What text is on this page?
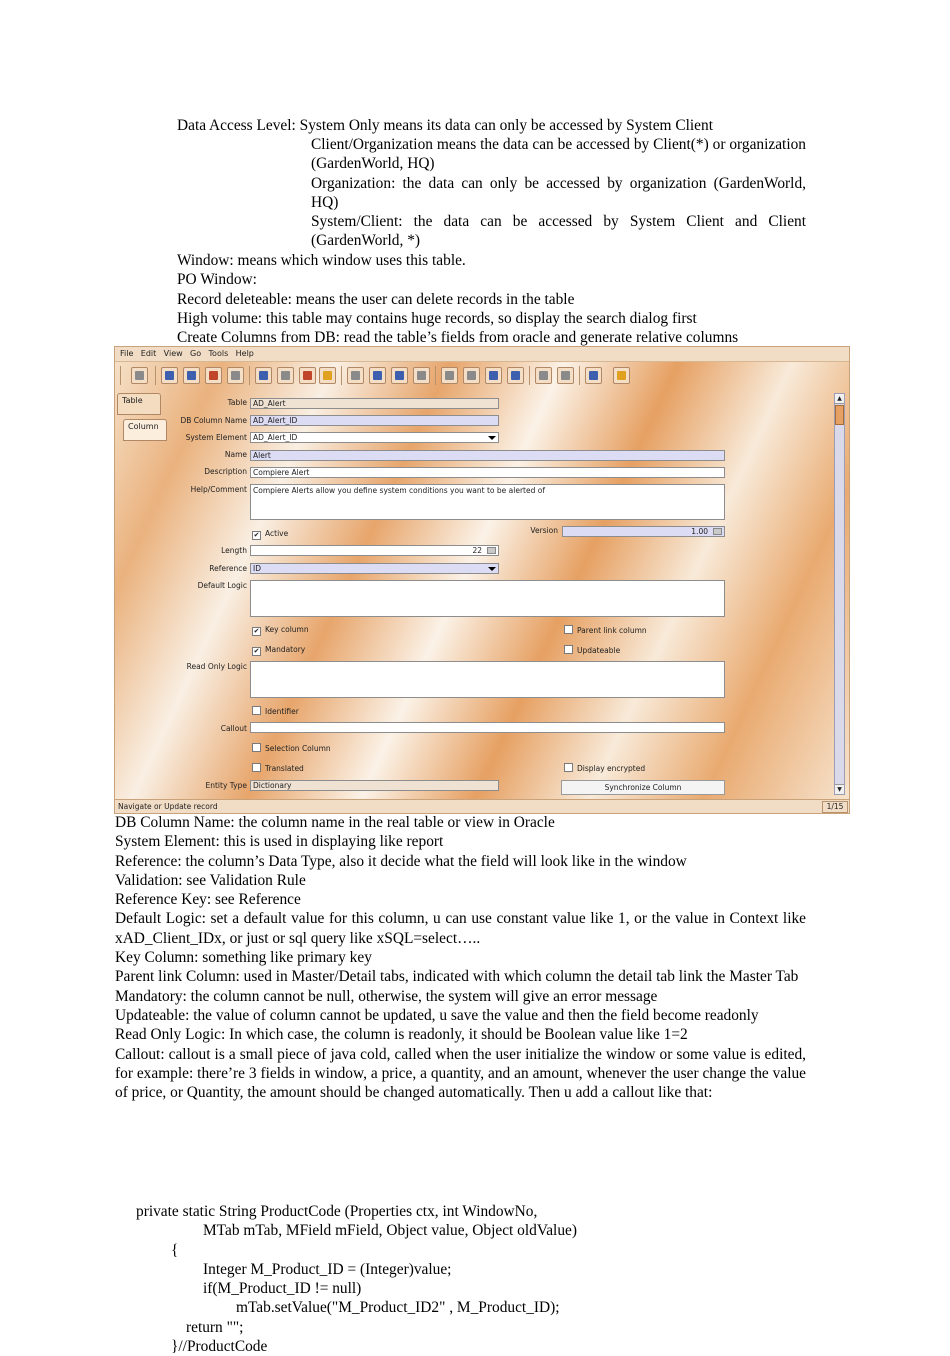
Data Access Level: System Only means its data can only be accessed by System Client
Client/Organization means the data can be accessed by Client(*) or organization (GardenWorld, HQ)
Organization: the data can only be accessed by organization (GardenWorld, HQ)
System/Client: the data can be accessed by System Client and Client (GardenWorld, *)
Window: means which window uses this table.
PO Window:
Record deleteable: means the user can delete records in the table
High volume: this table may contains huge records, so display the search dialog first
Create Columns from DB: read the table’s fields from oracle and generate relative columns
File Edit View Go Tools Help
Table
Column
Table AD_Alert
DB Column Name AD_Alert_ID
System Element AD_Alert_ID
Name Alert
Description Compiere Alert
Help/Comment Compiere Alerts allow you define system conditions you want to be alerted of
✔ Active	Version	1.00
Length	22
Reference ID
Default Logic
✔ Key column	Parent link column
✔ Mandatory	Updateable
Read Only Logic
Identifier
Callout
Selection Column
Translated	Display encrypted
Entity Type Dictionary	Synchronize Column
▲
▼
Navigate or Update record	1/15
DB Column Name: the column name in the real table or view in Oracle
System Element: this is used in displaying like report
Reference: the column’s Data Type, also it decide what the field will look like in the window
Validation: see Validation Rule
Reference Key: see Reference
Default Logic: set a default value for this column, u can use constant value like 1, or the value in Context like xAD_Client_IDx, or just or sql query like xSQL=select…..
Key Column: something like primary key
Parent link Column: used in Master/Detail tabs, indicated with which column the detail tab link the Master Tab
Mandatory: the column cannot be null, otherwise, the system will give an error message
Updateable: the value of column cannot be updated, u save the value and then the field become readonly
Read Only Logic: In which case, the column is readonly, it should be Boolean value like 1=2
Callout: callout is a small piece of java cold, called when the user initialize the window or some value is edited, for example: there’re 3 fields in window, a price, a quantity, and an amount, whenever the user change the value of price, or Quantity, the amount should be changed automatically. Then u add a callout like that:
private static String ProductCode (Properties ctx, int WindowNo,
MTab mTab, MField mField, Object value, Object oldValue)
{
Integer M_Product_ID = (Integer)value;
if(M_Product_ID != null)
mTab.setValue("M_Product_ID2" , M_Product_ID);
return "";
}//ProductCode
